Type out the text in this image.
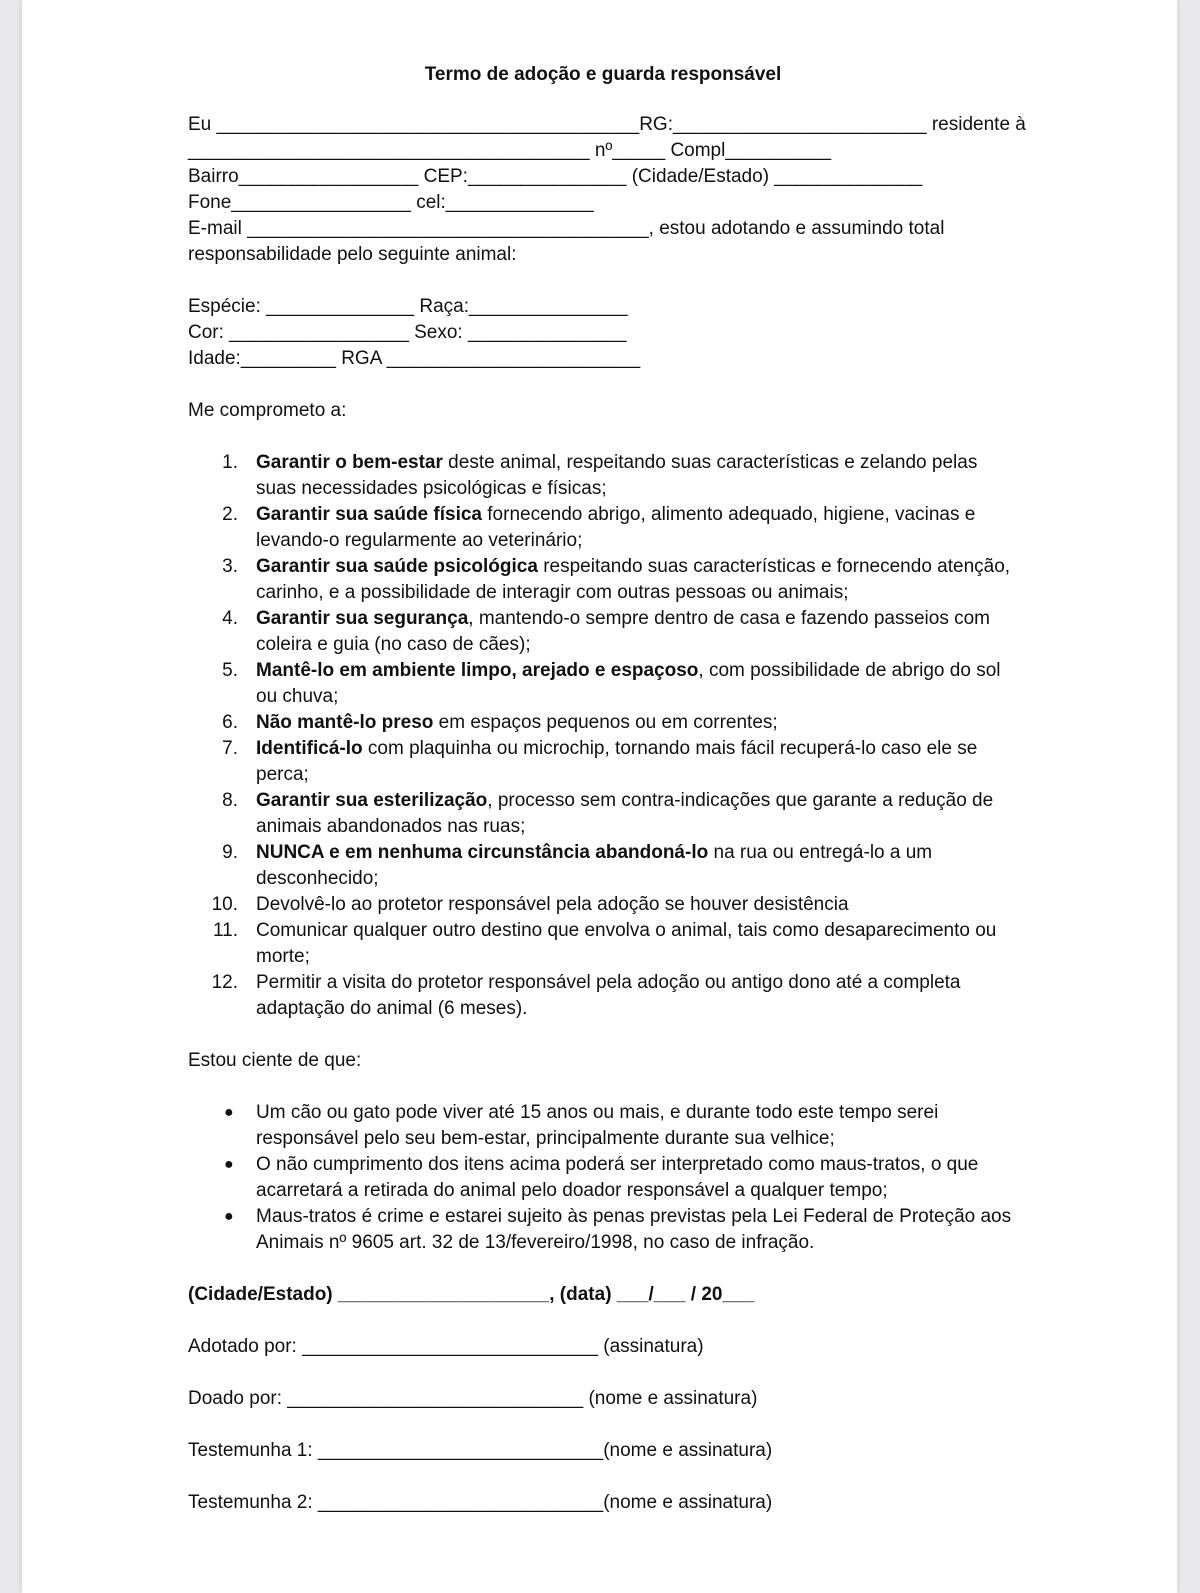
Termo de adoção e guarda responsável
Eu ________________________________________RG:________________________ residente à
______________________________________ nº_____ Compl__________
Bairro_________________ CEP:_______________ (Cidade/Estado) ______________
Fone_________________ cel:______________
E-mail ______________________________________, estou adotando e assumindo total
responsabilidade pelo seguinte animal:
Espécie: ______________ Raça:_______________
Cor: _________________ Sexo: _______________
Idade:_________ RGA ________________________
Me comprometo a:
1. Garantir o bem-estar deste animal, respeitando suas características e zelando pelas suas necessidades psicológicas e físicas;
2. Garantir sua saúde física fornecendo abrigo, alimento adequado, higiene, vacinas e levando-o regularmente ao veterinário;
3. Garantir sua saúde psicológica respeitando suas características e fornecendo atenção, carinho, e a possibilidade de interagir com outras pessoas ou animais;
4. Garantir sua segurança, mantendo-o sempre dentro de casa e fazendo passeios com coleira e guia (no caso de cães);
5. Mantê-lo em ambiente limpo, arejado e espaçoso, com possibilidade de abrigo do sol ou chuva;
6. Não mantê-lo preso em espaços pequenos ou em correntes;
7. Identificá-lo com plaquinha ou microchip, tornando mais fácil recuperá-lo caso ele se perca;
8. Garantir sua esterilização, processo sem contra-indicações que garante a redução de animais abandonados nas ruas;
9. NUNCA e em nenhuma circunstância abandoná-lo na rua ou entregá-lo a um desconhecido;
10. Devolvê-lo ao protetor responsável pela adoção se houver desistência
11. Comunicar qualquer outro destino que envolva o animal, tais como desaparecimento ou morte;
12. Permitir a visita do protetor responsável pela adoção ou antigo dono até a completa adaptação do animal (6 meses).
Estou ciente de que:
● Um cão ou gato pode viver até 15 anos ou mais, e durante todo este tempo serei responsável pelo seu bem-estar, principalmente durante sua velhice;
● O não cumprimento dos itens acima poderá ser interpretado como maus-tratos, o que acarretará a retirada do animal pelo doador responsável a qualquer tempo;
● Maus-tratos é crime e estarei sujeito às penas previstas pela Lei Federal de Proteção aos Animais nº 9605 art. 32 de 13/fevereiro/1998, no caso de infração.
(Cidade/Estado) ____________________, (data) ___/___ / 20___
Adotado por: ____________________________ (assinatura)
Doado por: ____________________________ (nome e assinatura)
Testemunha 1: ___________________________(nome e assinatura)
Testemunha 2: ___________________________(nome e assinatura)
